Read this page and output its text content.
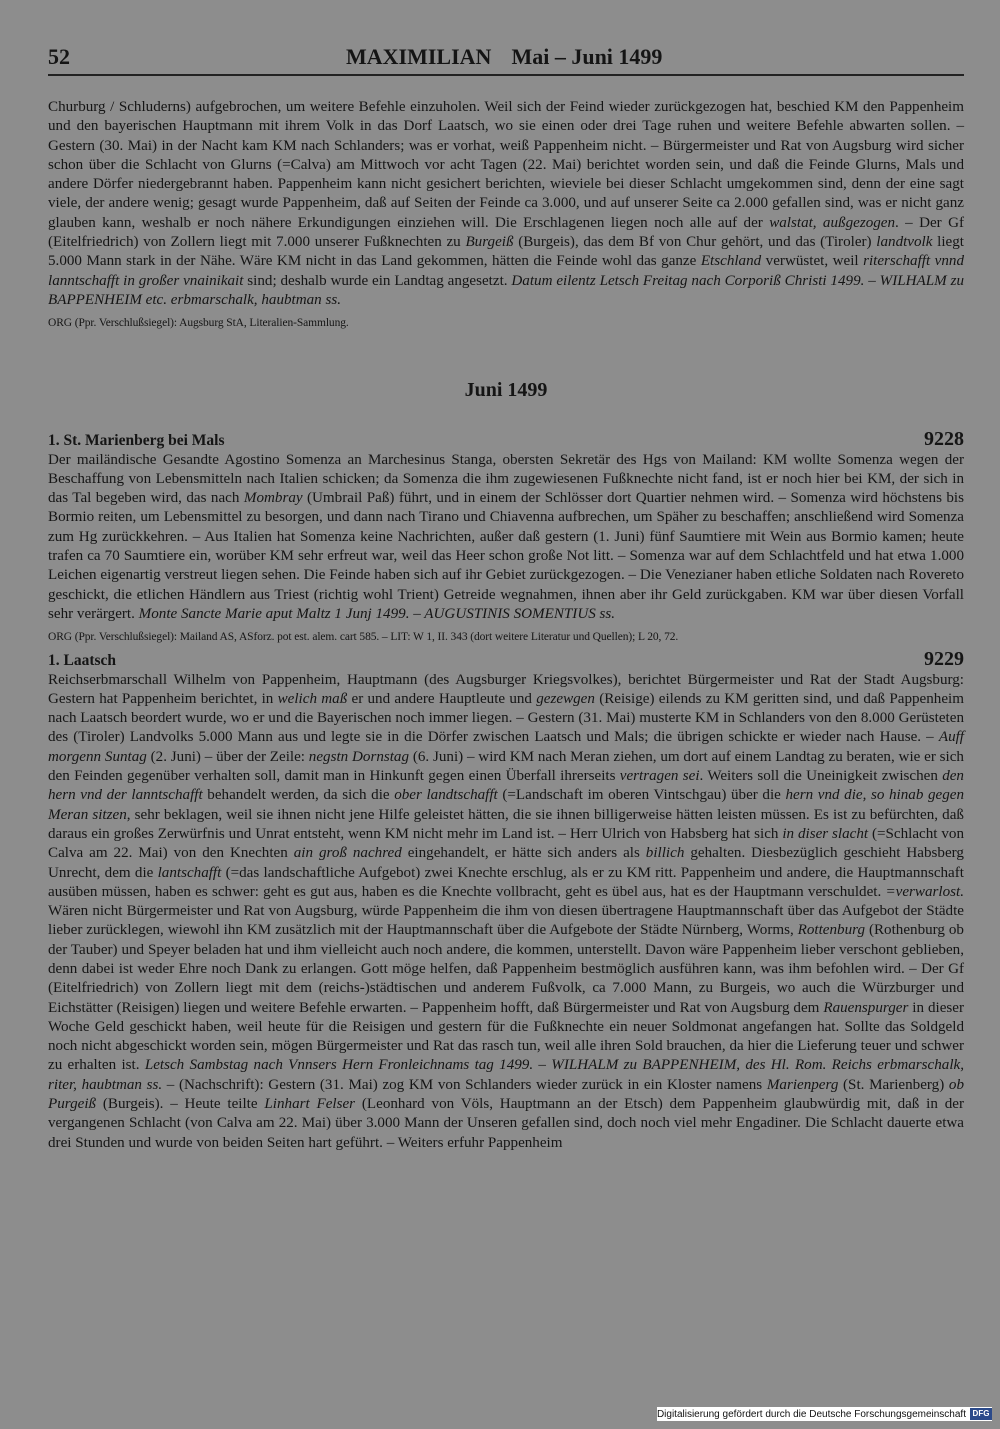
52	MAXIMILIAN Mai – Juni 1499

Churburg / Schluderns) aufgebrochen, um weitere Befehle einzuholen. Weil sich der Feind wieder zurückgezogen hat, beschied KM den Pappenheim und den bayerischen Hauptmann mit ihrem Volk in das Dorf Laatsch, wo sie einen oder drei Tage ruhen und weitere Befehle abwarten sollen. – Gestern (30. Mai) in der Nacht kam KM nach Schlanders; was er vorhat, weiß Pappenheim nicht. – Bürgermeister und Rat von Augsburg wird sicher schon über die Schlacht von Glurns (=Calva) am Mittwoch vor acht Tagen (22. Mai) berichtet worden sein, und daß die Feinde Glurns, Mals und andere Dörfer niedergebrannt haben. Pappenheim kann nicht gesichert berichten, wieviele bei dieser Schlacht umgekommen sind, denn der eine sagt viele, der andere wenig; gesagt wurde Pappenheim, daß auf Seiten der Feinde ca 3.000, und auf unserer Seite ca 2.000 gefallen sind, was er nicht ganz glauben kann, weshalb er noch nähere Erkundigungen einziehen will. Die Erschlagenen liegen noch alle auf der walstat, außgezogen. – Der Gf (Eitelfriedrich) von Zollern liegt mit 7.000 unserer Fußknechten zu Burgeiß (Burgeis), das dem Bf von Chur gehört, und das (Tiroler) landtvolk liegt 5.000 Mann stark in der Nähe. Wäre KM nicht in das Land gekommen, hätten die Feinde wohl das ganze Etschland verwüstet, weil riterschafft vnnd lanntschafft in großer vnainikait sind; deshalb wurde ein Landtag angesetzt. Datum eilentz Letsch Freitag nach Corporiß Christi 1499. – WILHALM zu BAPPENHEIM etc. erbmarschalk, haubtman ss.

ORG (Ppr. Verschlußsiegel): Augsburg StA, Literalien-Sammlung.

Juni 1499
1. St. Marienberg bei Mals	9228

Der mailändische Gesandte Agostino Somenza an Marchesinus Stanga, obersten Sekretär des Hgs von Mailand: KM wollte Somenza wegen der Beschaffung von Lebensmitteln nach Italien schicken; da Somenza die ihm zugewiesenen Fußknechte nicht fand, ist er noch hier bei KM, der sich in das Tal begeben wird, das nach Mombray (Umbrail Paß) führt, und in einem der Schlösser dort Quartier nehmen wird. – Somenza wird höchstens bis Bormio reiten, um Lebensmittel zu besorgen, und dann nach Tirano und Chiavenna aufbrechen, um Späher zu beschaffen; anschließend wird Somenza zum Hg zurückkehren. – Aus Italien hat Somenza keine Nachrichten, außer daß gestern (1. Juni) fünf Saumtiere mit Wein aus Bormio kamen; heute trafen ca 70 Saumtiere ein, worüber KM sehr erfreut war, weil das Heer schon große Not litt. – Somenza war auf dem Schlachtfeld und hat etwa 1.000 Leichen eigenartig verstreut liegen sehen. Die Feinde haben sich auf ihr Gebiet zurückgezogen. – Die Venezianer haben etliche Soldaten nach Rovereto geschickt, die etlichen Händlern aus Triest (richtig wohl Trient) Getreide wegnahmen, ihnen aber ihr Geld zurückgaben. KM war über diesen Vorfall sehr verärgert. Monte Sancte Marie aput Maltz 1 Junj 1499. – AUGUSTINIS SOMENTIUS ss.

ORG (Ppr. Verschlußsiegel): Mailand AS, ASforz. pot est. alem. cart 585. – LIT: W 1, II. 343 (dort weitere Literatur und Quellen); L 20, 72.

1. Laatsch	9229

Reichserbmarschall Wilhelm von Pappenheim, Hauptmann (des Augsburger Kriegsvolkes), berichtet Bürgermeister und Rat der Stadt Augsburg: Gestern hat Pappenheim berichtet, in welich maß er und andere Hauptleute und gezewgen (Reisige) eilends zu KM geritten sind, und daß Pappenheim nach Laatsch beordert wurde, wo er und die Bayerischen noch immer liegen. – Gestern (31. Mai) musterte KM in Schlanders von den 8.000 Gerüsteten des (Tiroler) Landvolks 5.000 Mann aus und legte sie in die Dörfer zwischen Laatsch und Mals; die übrigen schickte er wieder nach Hause. – Auff morgenn Suntag (2. Juni) – über der Zeile: negstn Dornstag (6. Juni) – wird KM nach Meran ziehen, um dort auf einem Landtag zu beraten, wie er sich den Feinden gegenüber verhalten soll, damit man in Hinkunft gegen einen Überfall ihrerseits vertragen sei. Weiters soll die Uneinigkeit zwischen den hern vnd der lanntschafft behandelt werden, da sich die ober landtschafft (=Landschaft im oberen Vintschgau) über die hern vnd die, so hinab gegen Meran sitzen, sehr beklagen, weil sie ihnen nicht jene Hilfe geleistet hätten, die sie ihnen billigerweise hätten leisten müssen. Es ist zu befürchten, daß daraus ein großes Zerwürfnis und Unrat entsteht, wenn KM nicht mehr im Land ist. – Herr Ulrich von Habsberg hat sich in diser slacht (=Schlacht von Calva am 22. Mai) von den Knechten ain groß nachred eingehandelt, er hätte sich anders als billich gehalten. Diesbezüglich geschieht Habsberg Unrecht, dem die lantschafft (=das landschaftliche Aufgebot) zwei Knechte erschlug, als er zu KM ritt. Pappenheim und andere, die Hauptmannschaft ausüben müssen, haben es schwer: geht es gut aus, haben es die Knechte vollbracht, geht es übel aus, hat es der Hauptmann verschuldet. =verwarlost. Wären nicht Bürgermeister und Rat von Augsburg, würde Pappenheim die ihm von diesen übertragene Hauptmannschaft über das Aufgebot der Städte lieber zurücklegen, wiewohl ihn KM zusätzlich mit der Hauptmannschaft über die Aufgebote der Städte Nürnberg, Worms, Rottenburg (Rothenburg ob der Tauber) und Speyer beladen hat und ihm vielleicht auch noch andere, die kommen, unterstellt. Davon wäre Pappenheim lieber verschont geblieben, denn dabei ist weder Ehre noch Dank zu erlangen. Gott möge helfen, daß Pappenheim bestmöglich ausführen kann, was ihm befohlen wird. – Der Gf (Eitelfriedrich) von Zollern liegt mit dem (reichs-)städtischen und anderem Fußvolk, ca 7.000 Mann, zu Burgeis, wo auch die Würzburger und Eichstätter (Reisigen) liegen und weitere Befehle erwarten. – Pappenheim hofft, daß Bürgermeister und Rat von Augsburg dem Rauenspurger in dieser Woche Geld geschickt haben, weil heute für die Reisigen und gestern für die Fußknechte ein neuer Soldmonat angefangen hat. Sollte das Soldgeld noch nicht abgeschickt worden sein, mögen Bürgermeister und Rat das rasch tun, weil alle ihren Sold brauchen, da hier die Lieferung teuer und schwer zu erhalten ist. Letsch Sambstag nach Vnnsers Hern Fronleichnams tag 1499. – WILHALM zu BAPPENHEIM, des Hl. Rom. Reichs erbmarschalk, riter, haubtman ss. – (Nachschrift): Gestern (31. Mai) zog KM von Schlanders wieder zurück in ein Kloster namens Marienperg (St. Marienberg) ob Purgeiß (Burgeis). – Heute teilte Linhart Felser (Leonhard von Völs, Hauptmann an der Etsch) dem Pappenheim glaubwürdig mit, daß in der vergangenen Schlacht (von Calva am 22. Mai) über 3.000 Mann der Unseren gefallen sind, doch noch viel mehr Engadiner. Die Schlacht dauerte etwa drei Stunden und wurde von beiden Seiten hart geführt. – Weiters erfuhr Pappenheim

Digitalisierung gefördert durch die Deutsche Forschungsgemeinschaft DFG
